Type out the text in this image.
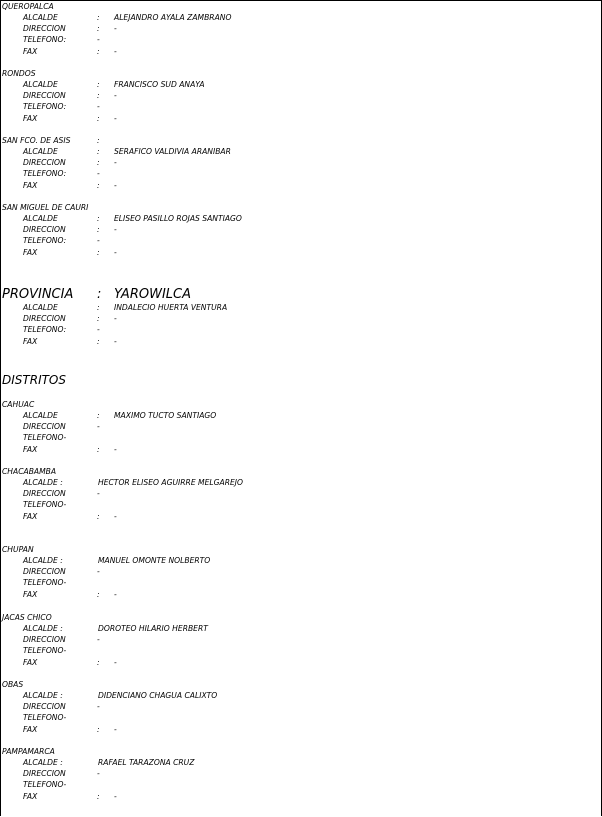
QUEROPALCA
ALCALDE	: ALEJANDRO AYALA ZAMBRANO
DIRECCION	: -
TELEFONO:	-
FAX	: -
RONDOS
ALCALDE	: FRANCISCO SUD ANAYA
DIRECCION	: -
TELEFONO:	-
FAX	: -
SAN FCO. DE ASIS	:
ALCALDE	: SERAFICO VALDIVIA ARANIBAR
DIRECCION	: -
TELEFONO:	-
FAX	: -
SAN MIGUEL DE CAURI
ALCALDE	: ELISEO PASILLO ROJAS SANTIAGO
DIRECCION	: -
TELEFONO:	-
FAX	: -
PROVINCIA : YAROWILCA
ALCALDE	: INDALECIO HUERTA VENTURA
DIRECCION	: -
TELEFONO:	-
FAX	: -
DISTRITOS
CAHUAC
ALCALDE	: MAXIMO TUCTO SANTIAGO
DIRECCION	-
TELEFONO-
FAX	: -
CHACABAMBA
ALCALDE :	HECTOR ELISEO AGUIRRE MELGAREJO
DIRECCION	-
TELEFONO-
FAX	: -
CHUPAN
ALCALDE :	MANUEL OMONTE NOLBERTO
DIRECCION	-
TELEFONO-
FAX	: -
JACAS CHICO
ALCALDE :	DOROTEO HILARIO HERBERT
DIRECCION	-
TELEFONO-
FAX	: -
OBAS
ALCALDE :	DIDENCIANO CHAGUA CALIXTO
DIRECCION	-
TELEFONO-
FAX	: -
PAMPAMARCA
ALCALDE :	RAFAEL TARAZONA CRUZ
DIRECCION	-
TELEFONO-
FAX	: -
